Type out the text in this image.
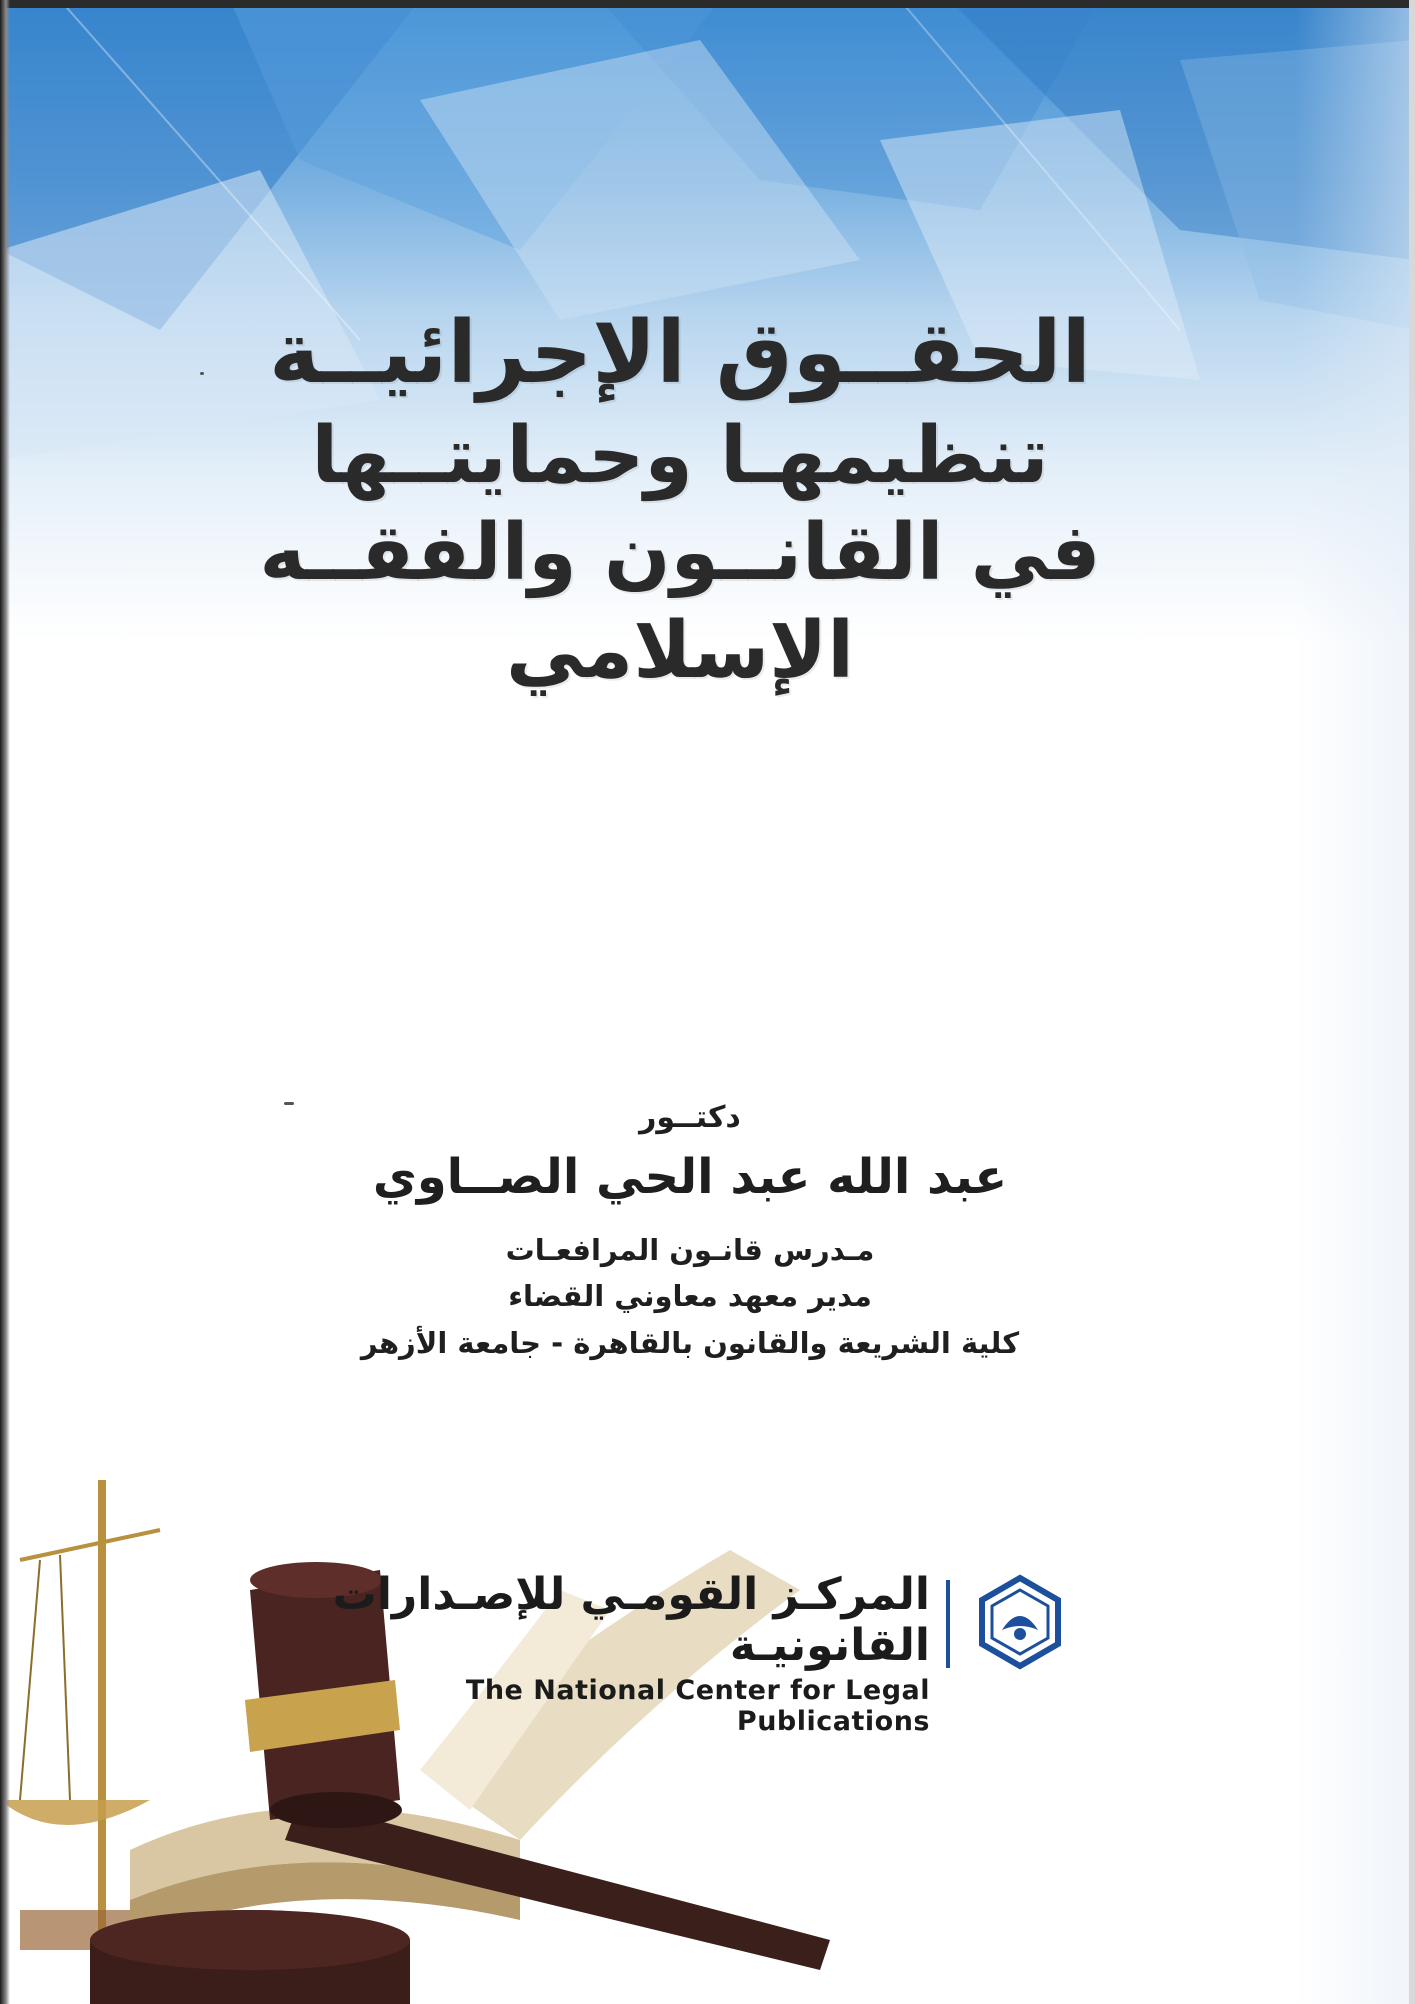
الحقــوق الإجرائيــة
تنظيمهـا وحمايتــها
في القانــون والفقــه الإسلامي
دكتــور
عبد الله عبد الحي الصــاوي
مـدرس قانـون المرافعـات
مدير معهد معاوني القضاء
كلية الشريعة والقانون بالقاهرة - جامعة الأزهر
المركـز القومـي للإصـدارات القانونيـة
The National Center for Legal Publications
